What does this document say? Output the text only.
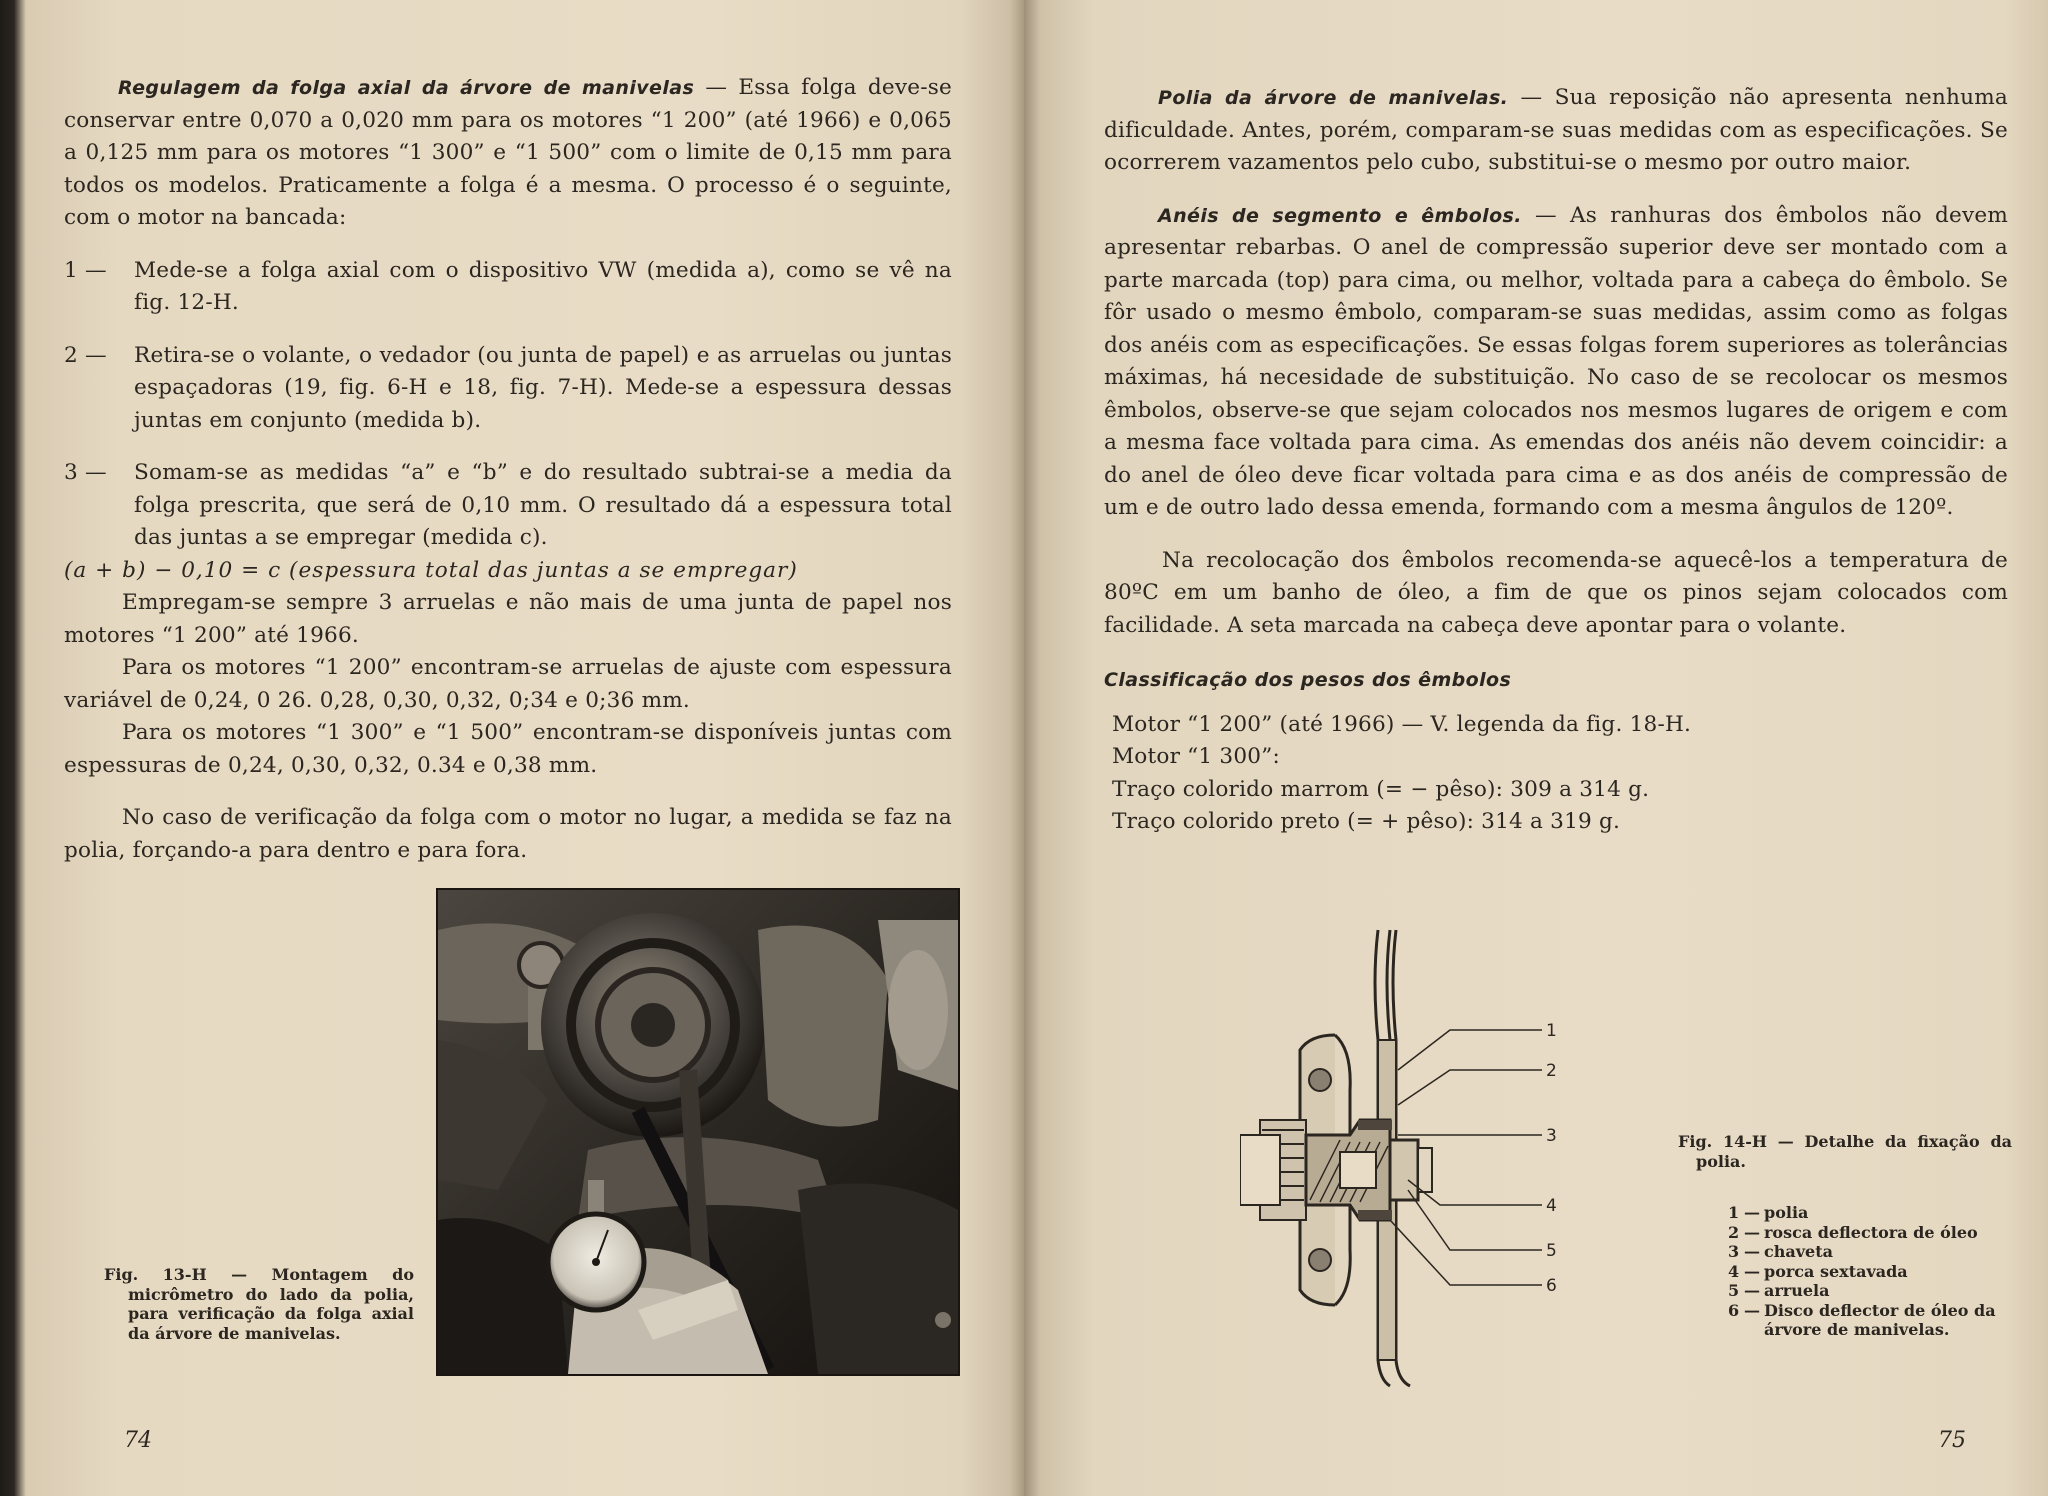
Regulagem da folga axial da árvore de manivelas — Essa folga deve-se conservar entre 0,070 a 0,020 mm para os motores “1 200” (até 1966) e 0,065 a 0,125 mm para os motores “1 300” e “1 500” com o limite de 0,15 mm para todos os modelos. Praticamente a folga é a mesma. O processo é o seguinte, com o motor na bancada:

1 — Mede-se a folga axial com o dispositivo VW (medida a), como se vê na fig. 12-H.
2 — Retira-se o volante, o vedador (ou junta de papel) e as arruelas ou juntas espaçadoras (19, fig. 6-H e 18, fig. 7-H). Mede-se a espessura dessas juntas em conjunto (medida b).
3 — Somam-se as medidas “a” e “b” e do resultado subtrai-se a media da folga prescrita, que será de 0,10 mm. O resultado dá a espessura total das juntas a se empregar (medida c).

(a + b) − 0,10 = c (espessura total das juntas a se empregar)

Empregam-se sempre 3 arruelas e não mais de uma junta de papel nos motores “1 200” até 1966.

Para os motores “1 200” encontram-se arruelas de ajuste com espessura variável de 0,24, 0 26. 0,28, 0,30, 0,32, 0;34 e 0;36 mm.

Para os motores “1 300” e “1 500” encontram-se disponíveis juntas com espessuras de 0,24, 0,30, 0,32, 0.34 e 0,38 mm.

No caso de verificação da folga com o motor no lugar, a medida se faz na polia, forçando-a para dentro e para fora.

Fig. 13-H — Montagem do micrômetro do lado da polia, para verificação da folga axial da árvore de manivelas.
74

Polia da árvore de manivelas. — Sua reposição não apresenta nenhuma dificuldade. Antes, porém, comparam-se suas medidas com as especificações. Se ocorrerem vazamentos pelo cubo, substitui-se o mesmo por outro maior.

Anéis de segmento e êmbolos. — As ranhuras dos êmbolos não devem apresentar rebarbas. O anel de compressão superior deve ser montado com a parte marcada (top) para cima, ou melhor, voltada para a cabeça do êmbolo. Se fôr usado o mesmo êmbolo, comparam-se suas medidas, assim como as folgas dos anéis com as especificações. Se essas folgas forem superiores as tolerâncias máximas, há necesidade de substituição. No caso de se recolocar os mesmos êmbolos, observe-se que sejam colocados nos mesmos lugares de origem e com a mesma face voltada para cima. As emendas dos anéis não devem coincidir: a do anel de óleo deve ficar voltada para cima e as dos anéis de compressão de um e de outro lado dessa emenda, formando com a mesma ângulos de 120º.

Na recolocação dos êmbolos recomenda-se aquecê-los a temperatura de 80ºC em um banho de óleo, a fim de que os pinos sejam colocados com facilidade. A seta marcada na cabeça deve apontar para o volante.

Classificação dos pesos dos êmbolos

Motor “1 200” (até 1966) — V. legenda da fig. 18-H.

Motor “1 300”:

Traço colorido marrom (= − pêso): 309 a 314 g.

Traço colorido preto (= + pêso): 314 a 319 g.

1
2
3
4
5
6
Fig. 14-H — Detalhe da fixação da polia.
1 — polia
2 — rosca deflectora de óleo
3 — chaveta
4 — porca sextavada
5 — arruela
6 — Disco deflector de óleo da árvore de manivelas.
75
